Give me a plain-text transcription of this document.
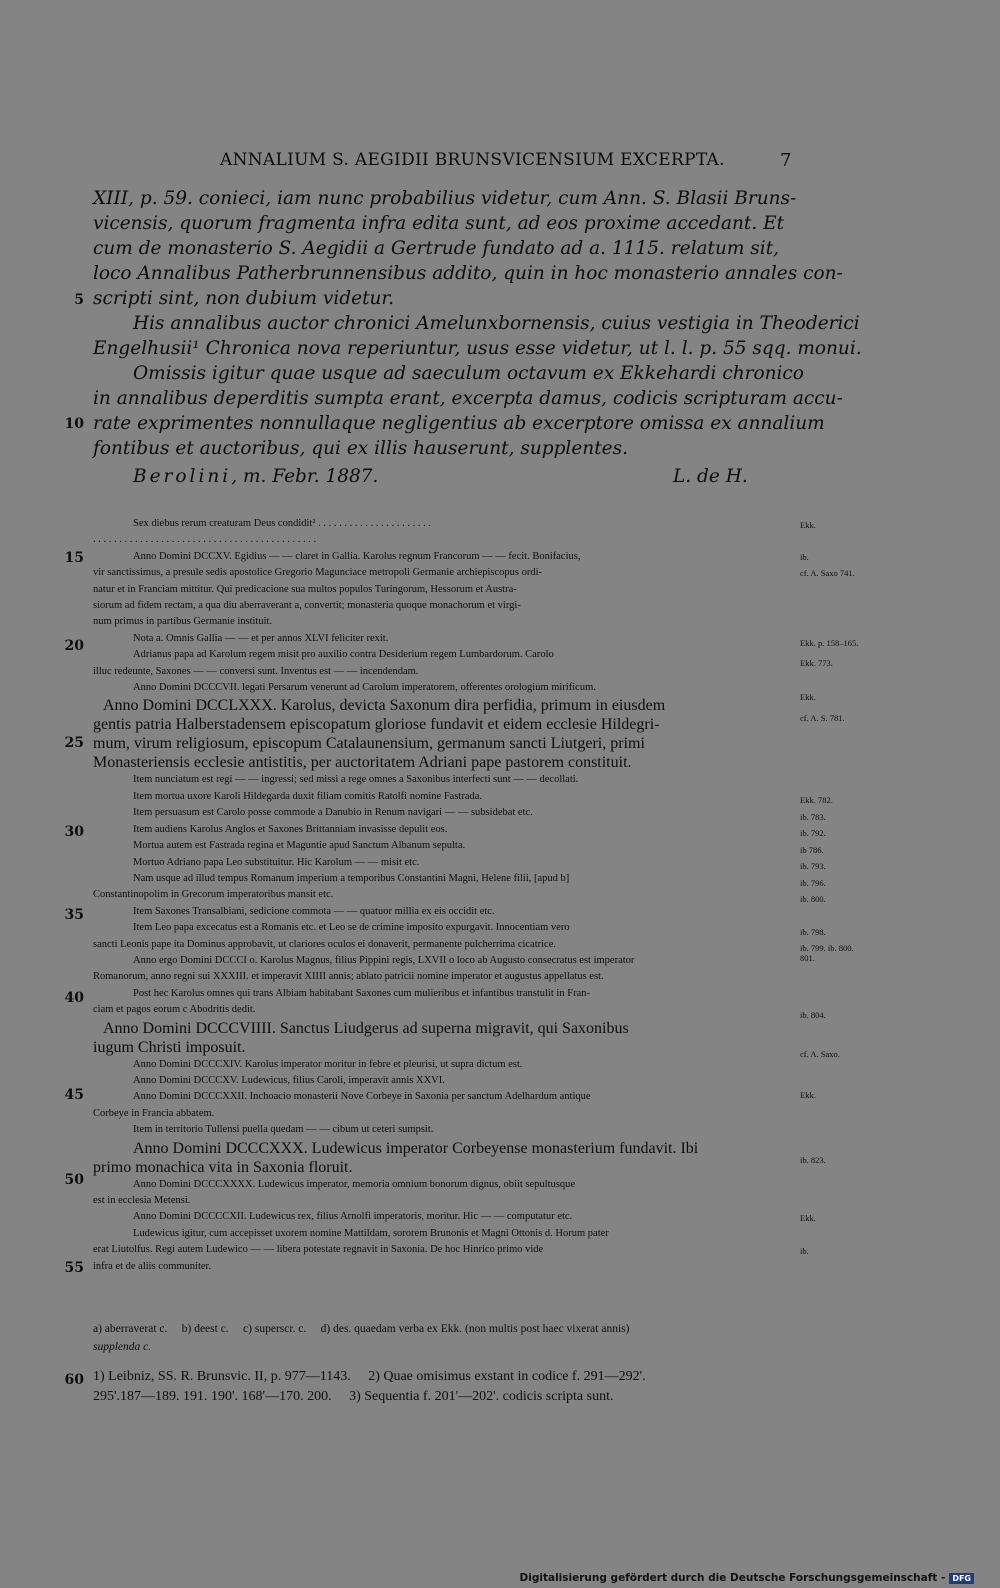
ANNALIUM S. AEGIDII BRUNSVICENSIUM EXCERPTA.	7
XIII, p. 59. conieci, iam nunc probabilius videtur, cum Ann. S. Blasii Bruns-
vicensis, quorum fragmenta infra edita sunt, ad eos proxime accedant. Et
cum de monasterio S. Aegidii a Gertrude fundato ad a. 1115. relatum sit,
loco Annalibus Patherbrunnensibus addito, quin in hoc monasterio annales con-
scripti sint, non dubium videtur.
His annalibus auctor chronici Amelunxbornensis, cuius vestigia in Theoderici
Engelhusii¹ Chronica nova reperiuntur, usus esse videtur, ut l. l. p. 55 sqq. monui.
Omissis igitur quae usque ad saeculum octavum ex Ekkehardi chronico
in annalibus deperditis sumpta erant, excerpta damus, codicis scripturam accu-
rate exprimentes nonnullaque negligentius ab excerptore omissa ex annalium
fontibus et auctoribus, qui ex illis hauserunt, supplentes.
Berolini, m. Febr. 1887.	L. de H.
5
10
15
20
25
30
35
40
45
50
55
60

Sex diebus rerum creaturam Deus condidit² . . . . . . . . . . . . . . . . . . . . . .

. . . . . . . . . . . . . . . . . . . . . . . . . . . . . . . . . . . . . . . . . . .

Anno Domini DCCXV. Egidius — — claret in Gallia. Karolus regnum Francorum — — fecit. Bonifacius,

vir sanctissimus, a presule sedis apostolice Gregorio Magunciace metropoli Germanie archiepiscopus ordi-

natur et in Franciam mittitur. Qui predicacione sua multos populos Turingorum, Hessorum et Austra-

siorum ad fidem rectam, a qua diu aberraverant a, convertit; monasteria quoque monachorum et virgi-

num primus in partibus Germanie instituit.

Nota a. Omnis Gallia — — et per annos XLVI feliciter rexit.

Adrianus papa ad Karolum regem misit pro auxilio contra Desiderium regem Lumbardorum. Carolo

illuc redeunte, Saxones — — conversi sunt. Inventus est — — incendendam.

Anno Domini DCCCVII. legati Persarum venerunt ad Carolum imperatorem, offerentes orologium mirificum.

Anno Domini DCCLXXX. Karolus, devicta Saxonum dira perfidia, primum in eiusdem

gentis patria Halberstadensem episcopatum gloriose fundavit et eidem ecclesie Hildegri-

mum, virum religiosum, episcopum Catalaunensium, germanum sancti Liutgeri, primi

Monasteriensis ecclesie antistitis, per auctoritatem Adriani pape pastorem constituit.

Item nunciatum est regi — — ingressi; sed missi a rege omnes a Saxonibus interfecti sunt — — decollati.

Item mortua uxore Karoli Hildegarda duxit filiam comitis Ratolfi nomine Fastrada.

Item persuasum est Carolo posse commode a Danubio in Renum navigari — — subsidebat etc.

Item audiens Karolus Anglos et Saxones Brittanniam invasisse depulit eos.

Mortua autem est Fastrada regina et Maguntie apud Sanctum Albanum sepulta.

Mortuo Adriano papa Leo substituitur. Hic Karolum — — misit etc.

Nam usque ad illud tempus Romanum imperium a temporibus Constantini Magni, Helene filii, [apud b]

Constantinopolim in Grecorum imperatoribus mansit etc.

Item Saxones Transalbiani, sedicione commota — — quatuor millia ex eis occidit etc.

Item Leo papa excecatus est a Romanis etc. et Leo se de crimine imposito expurgavit. Innocentiam vero

sancti Leonis pape ita Dominus approbavit, ut clariores oculos ei donaverit, permanente pulcherrima cicatrice.

Anno ergo Domini DCCCI o. Karolus Magnus, filius Pippini regis, LXVII o loco ab Augusto consecratus est imperator

Romanorum, anno regni sui XXXIII. et imperavit XIIII annis; ablato patricii nomine imperator et augustus appellatus est.

Post hec Karolus omnes qui trans Albiam habitabant Saxones cum mulieribus et infantibus transtulit in Fran-

ciam et pagos eorum c Abodritis dedit.

Anno Domini DCCCVIIII. Sanctus Liudgerus ad superna migravit, qui Saxonibus

iugum Christi imposuit.

Anno Domini DCCCXIV. Karolus imperator moritur in febre et pleurisi, ut supra dictum est.

Anno Domini DCCCXV. Ludewicus, filius Caroli, imperavit annis XXVI.

Anno Domini DCCCXXII. Inchoacio monasterii Nove Corbeye in Saxonia per sanctum Adelhardum antique

Corbeye in Francia abbatem.

Item in territorio Tullensi puella quedam — — cibum ut ceteri sumpsit.

Anno Domini DCCCXXX. Ludewicus imperator Corbeyense monasterium fundavit. Ibi

primo monachica vita in Saxonia floruit.

Anno Domini DCCCXXXX. Ludewicus imperator, memoria omnium bonorum dignus, obiit sepultusque

est in ecclesia Metensi.

Anno Domini DCCCCXII. Ludewicus rex, filius Arnolfi imperatoris, moritur. Hic — — computatur etc.

Ludewicus igitur, cum accepisset uxorem nomine Mattildam, sororem Brunonis et Magni Ottonis d. Horum pater

erat Liutolfus. Regi autem Ludewico — — libera potestate regnavit in Saxonia. De hoc Hinrico primo vide

infra et de aliis communiter.

Ekk.
ib.
cf. A. Saxo 741.
Ekk. p. 158–165.
Ekk. 773.
Ekk.
cf. A. S. 781.
Ekk. 782.
ib. 783.
ib. 792.
ib 786.
ib. 793.
ib. 796.
ib. 800.
ib. 798.
ib. 799. ib. 800. 801.
ib. 804.
cf. A. Saxo.
Ekk.
ib. 823.
Ekk.
ib.
a) aberraverat c.     b) deest c.     c) superscr. c.     d) des. quaedam verba ex Ekk. (non multis post haec vixerat annis)
supplenda c.
1) Leibniz, SS. R. Brunsvic. II, p. 977—1143.     2) Quae omisimus exstant in codice f. 291—292'.
295'.187—189. 191. 190'. 168'—170. 200.     3) Sequentia f. 201'—202'. codicis scripta sunt.
Digitalisierung gefördert durch die Deutsche Forschungsgemeinschaft - DFG
